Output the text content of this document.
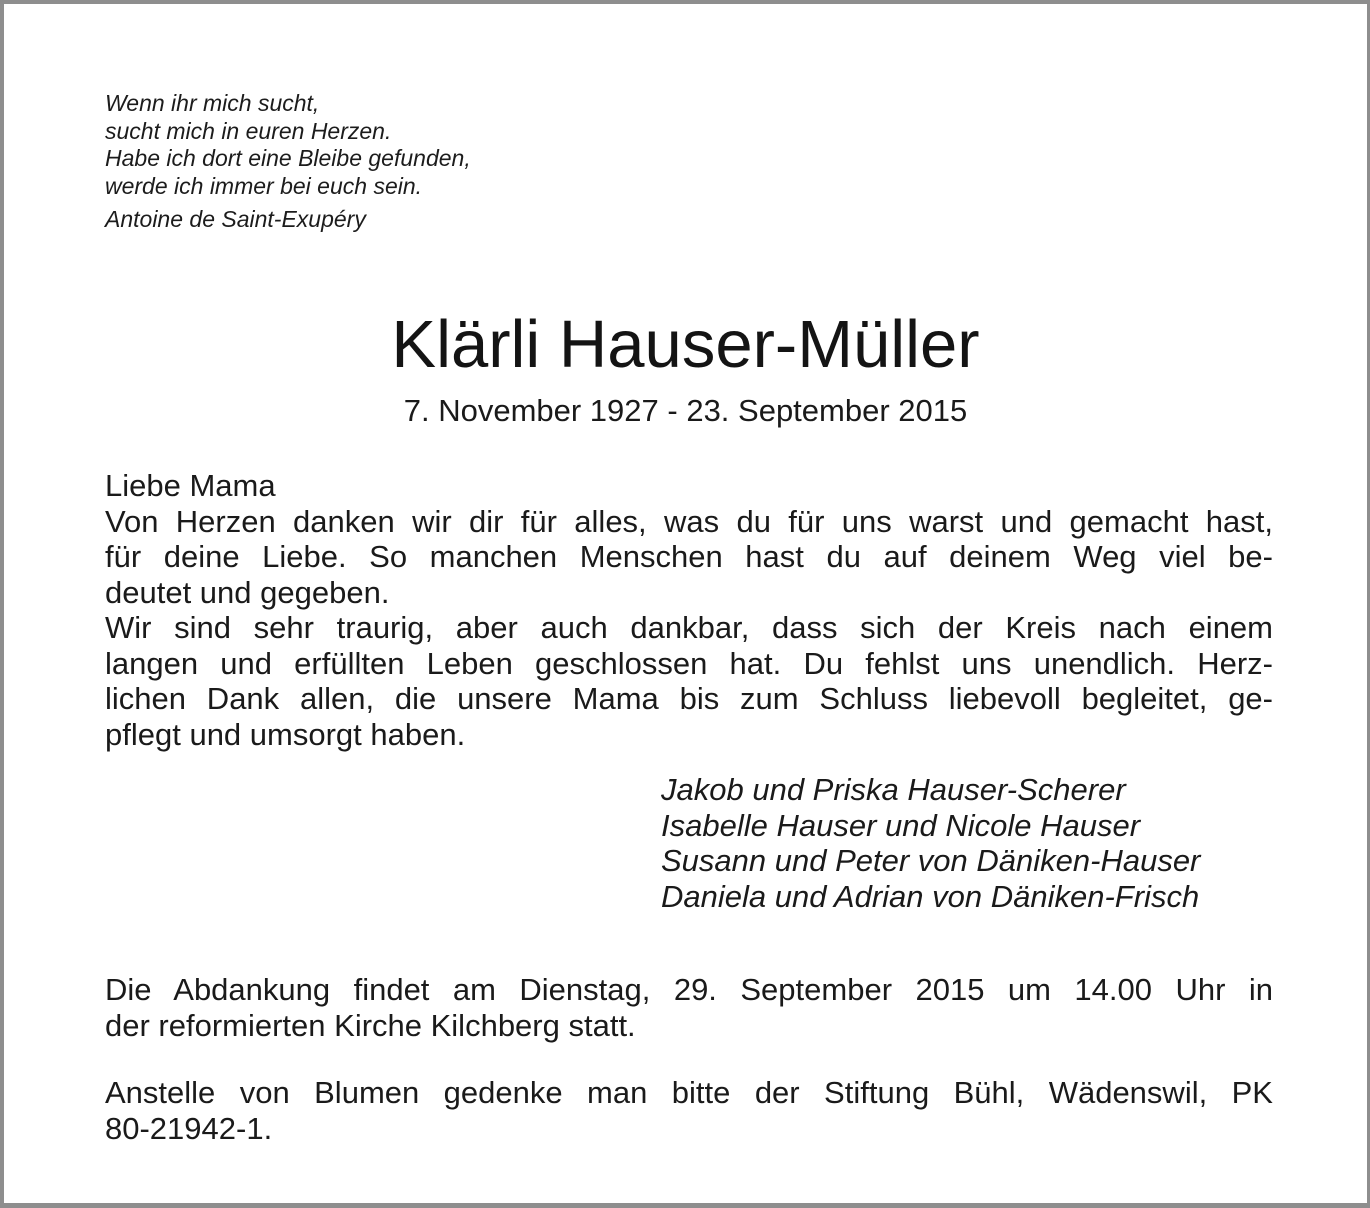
Wenn ihr mich sucht,
sucht mich in euren Herzen.
Habe ich dort eine Bleibe gefunden,
werde ich immer bei euch sein.
Antoine de Saint-Exupéry
Klärli Hauser-Müller
7. November 1927 - 23. September 2015
Liebe Mama
Von Herzen danken wir dir für alles, was du für uns warst und gemacht hast,
für deine Liebe. So manchen Menschen hast du auf deinem Weg viel be-
deutet und gegeben.
Wir sind sehr traurig, aber auch dankbar, dass sich der Kreis nach einem
langen und erfüllten Leben geschlossen hat. Du fehlst uns unendlich. Herz-
lichen Dank allen, die unsere Mama bis zum Schluss liebevoll begleitet, ge-
pflegt und umsorgt haben.
Jakob und Priska Hauser-Scherer
Isabelle Hauser und Nicole Hauser
Susann und Peter von Däniken-Hauser
Daniela und Adrian von Däniken-Frisch
Die Abdankung findet am Dienstag, 29. September 2015 um 14.00 Uhr in
der reformierten Kirche Kilchberg statt.
Anstelle von Blumen gedenke man bitte der Stiftung Bühl, Wädenswil, PK
80-21942-1.
